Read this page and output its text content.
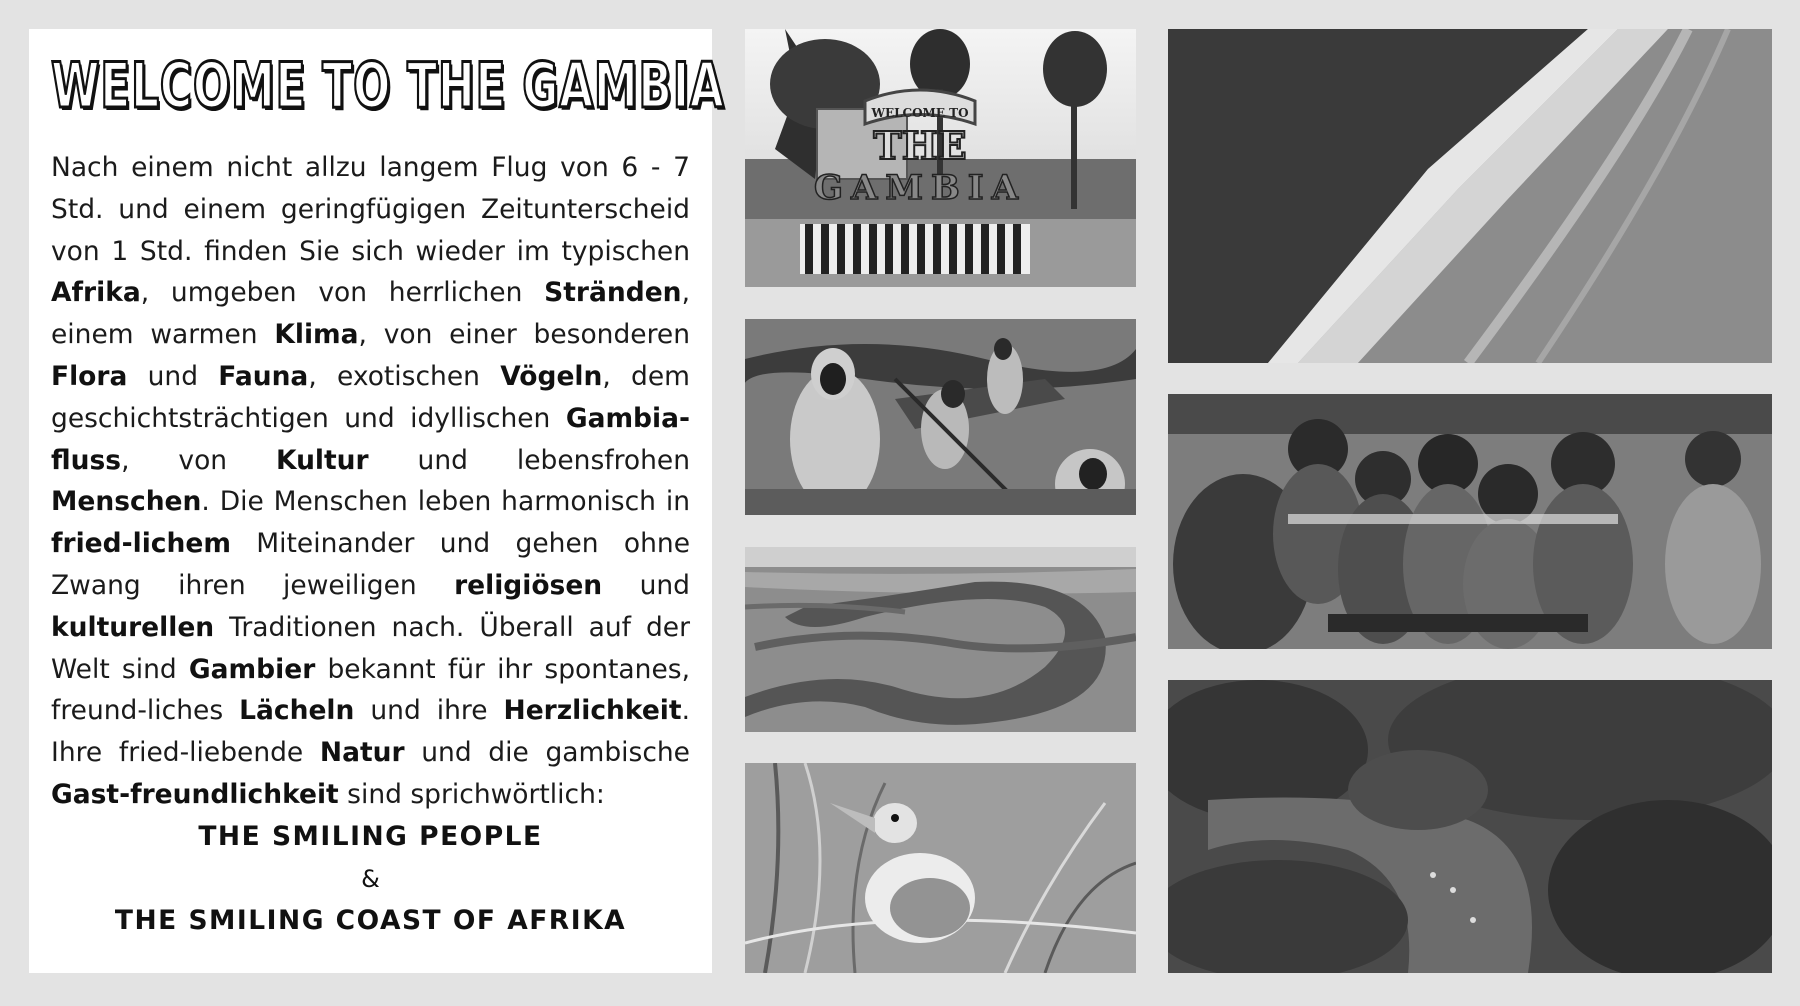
WELCOME TO THE GAMBIA

Nach einem nicht allzu langem Flug von 6 - 7 Std. und einem geringfügigen Zeitunterscheid von 1 Std. finden Sie sich wieder im typischen Afrika, umgeben von herrlichen Stränden, einem warmen Klima, von einer besonderen Flora und Fauna, exotischen Vögeln, dem geschichtsträchtigen und idyllischen Gambia-fluss, von Kultur und lebensfrohen Menschen. Die Menschen leben harmonisch in fried-lichem Miteinander und gehen ohne Zwang ihren jeweiligen religiösen und kulturellen Traditionen nach. Überall auf der Welt sind Gambier bekannt für ihr spontanes, freund-liches Lächeln und ihre Herzlichkeit. Ihre fried-liebende Natur und die gambische Gast-freundlichkeit sind sprichwörtlich:

THE SMILING PEOPLE
&
THE SMILING COAST OF AFRIKA
WELCOME TO
THE
GAMBIA
